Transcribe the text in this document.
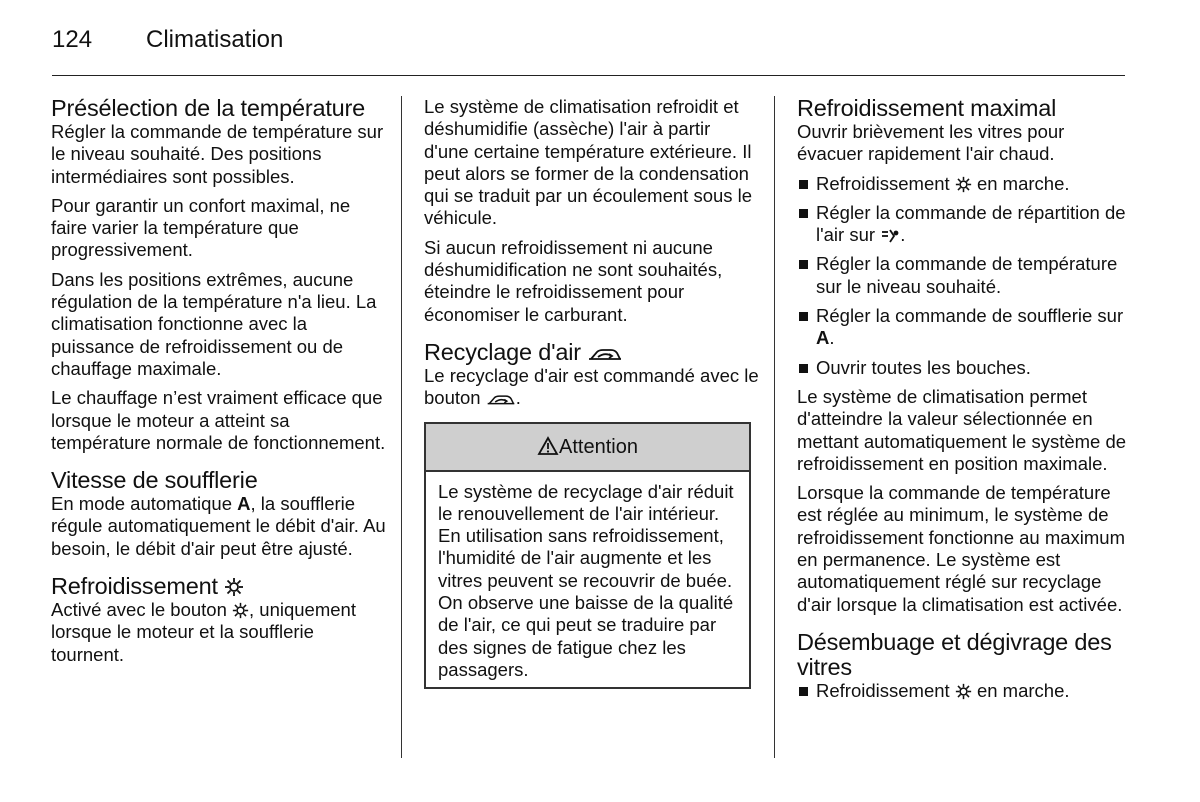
124 Climatisation
Présélection de la température

Régler la commande de température sur le niveau souhaité. Des positions intermédiaires sont possibles.

Pour garantir un confort maximal, ne faire varier la température que progressivement.

Dans les positions extrêmes, aucune régulation de la température n'a lieu. La climatisation fonctionne avec la puissance de refroidissement ou de chauffage maximale.

Le chauffage n’est vraiment efficace que lorsque le moteur a atteint sa température normale de fonctionnement.

Vitesse de soufflerie

En mode automatique A, la soufflerie régule automatiquement le débit d'air. Au besoin, le débit d'air peut être ajusté.

Refroidissement

Activé avec le bouton , uniquement lorsque le moteur et la soufflerie tournent.

Le système de climatisation refroidit et déshumidifie (assèche) l'air à partir d'une certaine température extérieure. Il peut alors se former de la condensation qui se traduit par un écoulement sous le véhicule.

Si aucun refroidissement ni aucune déshumidification ne sont souhaités, éteindre le refroidissement pour économiser le carburant.

Recyclage d'air

Le recyclage d'air est commandé avec le bouton .

Attention
Le système de recyclage d'air réduit le renouvellement de l'air intérieur. En utilisation sans refroidissement, l'humidité de l'air augmente et les vitres peuvent se recouvrir de buée. On observe une baisse de la qualité de l'air, ce qui peut se traduire par des signes de fatigue chez les passagers.
Refroidissement maximal

Ouvrir brièvement les vitres pour évacuer rapidement l'air chaud.

Refroidissement  en marche.
Régler la commande de répartition de l'air sur .
Régler la commande de température sur le niveau souhaité.
Régler la commande de soufflerie sur A.
Ouvrir toutes les bouches.

Le système de climatisation permet d'atteindre la valeur sélectionnée en mettant automatiquement le système de refroidissement en position maximale.

Lorsque la commande de température est réglée au minimum, le système de refroidissement fonctionne au maximum en permanence. Le système est automatiquement réglé sur recyclage d'air lorsque la climatisation est activée.

Désembuage et dégivrage des vitres
Refroidissement  en marche.
